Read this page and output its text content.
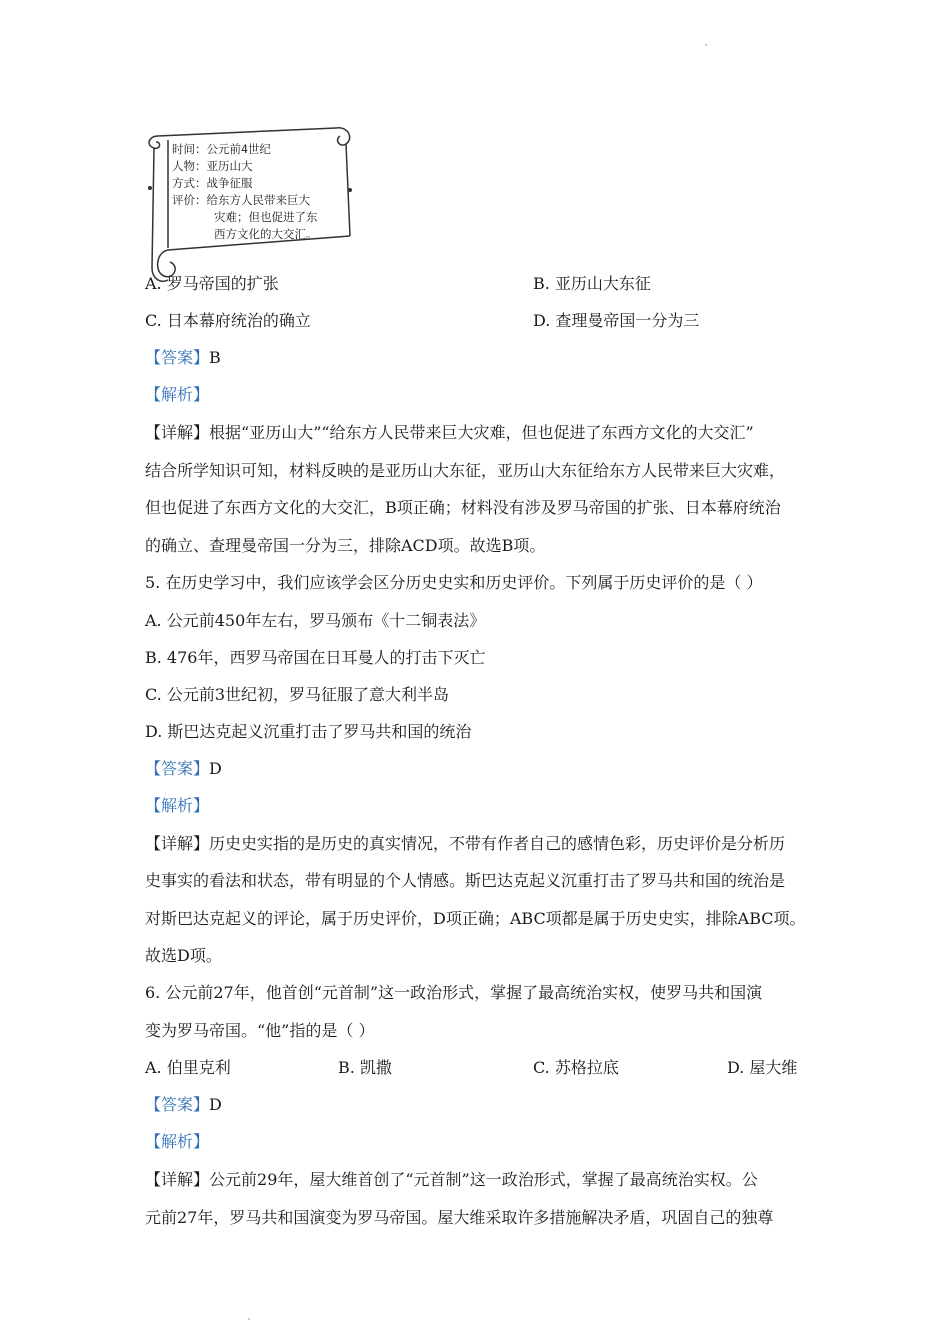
时间：公元前4世纪
人物：亚历山大
方式：战争征服
评价：给东方人民带来巨大
灾难；但也促进了东
西方文化的大交汇。
A. 罗马帝国的扩张	B. 亚历山大东征
C. 日本幕府统治的确立	D. 查理曼帝国一分为三
【答案】B
【解析】
【详解】根据“亚历山大”“给东方人民带来巨大灾难，但也促进了东西方文化的大交汇”
结合所学知识可知，材料反映的是亚历山大东征，亚历山大东征给东方人民带来巨大灾难，
但也促进了东西方文化的大交汇，B项正确；材料没有涉及罗马帝国的扩张、日本幕府统治
的确立、查理曼帝国一分为三，排除ACD项。故选B项。
5. 在历史学习中，我们应该学会区分历史史实和历史评价。下列属于历史评价的是（ ）
A. 公元前450年左右，罗马颁布《十二铜表法》
B. 476年，西罗马帝国在日耳曼人的打击下灭亡
C. 公元前3世纪初，罗马征服了意大利半岛
D. 斯巴达克起义沉重打击了罗马共和国的统治
【答案】D
【解析】
【详解】历史史实指的是历史的真实情况，不带有作者自己的感情色彩，历史评价是分析历
史事实的看法和状态，带有明显的个人情感。斯巴达克起义沉重打击了罗马共和国的统治是
对斯巴达克起义的评论，属于历史评价，D项正确；ABC项都是属于历史史实，排除ABC项。
故选D项。
6. 公元前27年，他首创“元首制”这一政治形式，掌握了最高统治实权，使罗马共和国演
变为罗马帝国。“他”指的是（ ）
A. 伯里克利	B. 凯撒	C. 苏格拉底	D. 屋大维
【答案】D
【解析】
【详解】公元前29年，屋大维首创了“元首制”这一政治形式，掌握了最高统治实权。公
元前27年，罗马共和国演变为罗马帝国。屋大维采取许多措施解决矛盾，巩固自己的独尊
